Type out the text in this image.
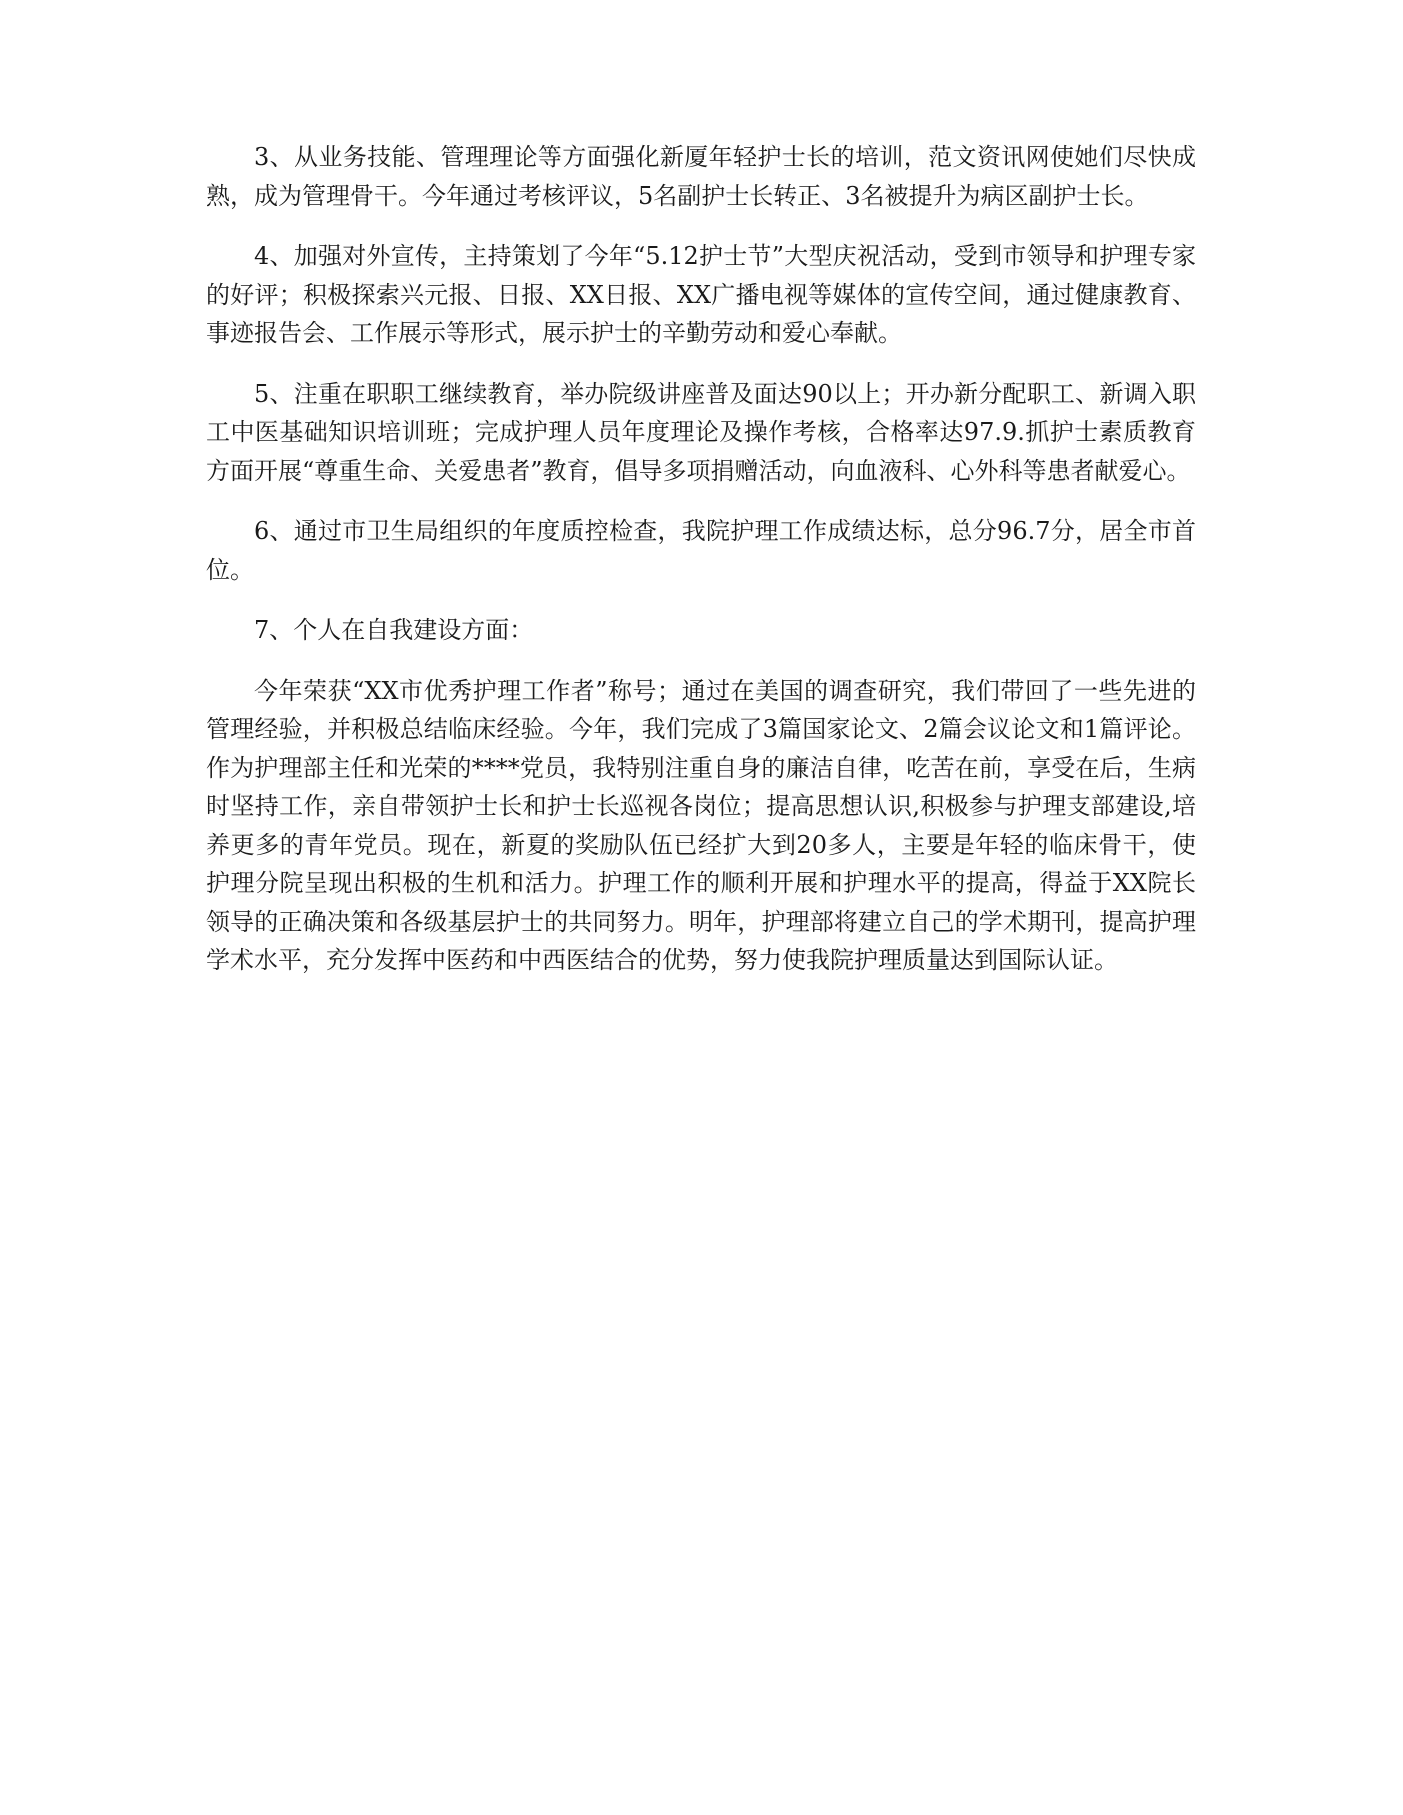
3、从业务技能、管理理论等方面强化新厦年轻护士长的培训，范文资讯网使她们尽快成熟，成为管理骨干。今年通过考核评议，5名副护士长转正、3名被提升为病区副护士长。

4、加强对外宣传，主持策划了今年“5.12护士节”大型庆祝活动，受到市领导和护理专家的好评；积极探索兴元报、日报、XX日报、XX广播电视等媒体的宣传空间，通过健康教育、事迹报告会、工作展示等形式，展示护士的辛勤劳动和爱心奉献。

5、注重在职职工继续教育，举办院级讲座普及面达90以上；开办新分配职工、新调入职工中医基础知识培训班；完成护理人员年度理论及操作考核，合格率达97.9.抓护士素质教育方面开展“尊重生命、关爱患者”教育，倡导多项捐赠活动，向血液科、心外科等患者献爱心。

6、通过市卫生局组织的年度质控检查，我院护理工作成绩达标，总分96.7分，居全市首位。

7、个人在自我建设方面：

今年荣获“XX市优秀护理工作者”称号；通过在美国的调查研究，我们带回了一些先进的管理经验，并积极总结临床经验。今年，我们完成了3篇国家论文、2篇会议论文和1篇评论。作为护理部主任和光荣的****党员，我特别注重自身的廉洁自律，吃苦在前，享受在后，生病时坚持工作，亲自带领护士长和护士长巡视各岗位；提高思想认识,积极参与护理支部建设,培养更多的青年党员。现在，新夏的奖励队伍已经扩大到20多人，主要是年轻的临床骨干，使护理分院呈现出积极的生机和活力。护理工作的顺利开展和护理水平的提高，得益于XX院长领导的正确决策和各级基层护士的共同努力。明年，护理部将建立自己的学术期刊，提高护理学术水平，充分发挥中医药和中西医结合的优势，努力使我院护理质量达到国际认证。
